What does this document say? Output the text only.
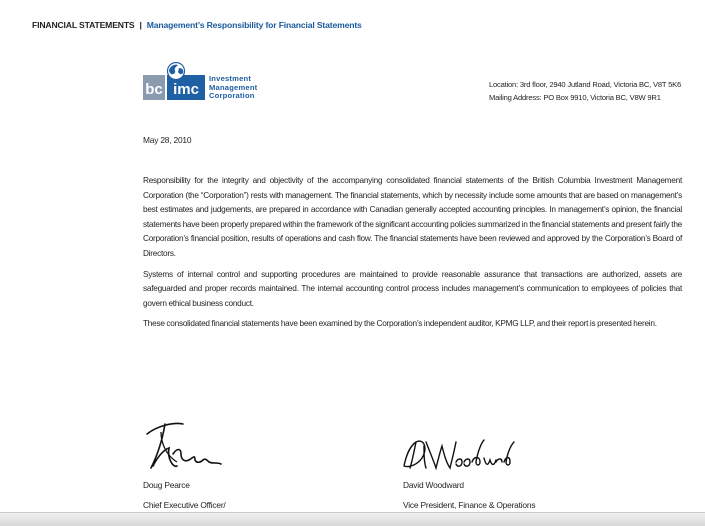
FINANCIAL STATEMENTS | Management’s Responsibility for Financial Statements
bc imc
Investment
Management
Corporation
Location: 3rd floor, 2940 Jutland Road, Victoria BC, V8T 5K6
Mailing Address: PO Box 9910, Victoria BC, V8W 9R1
May 28, 2010

Responsibility for the integrity and objectivity of the accompanying consolidated financial statements of the British Columbia Investment Management Corporation (the “Corporation”) rests with management. The financial statements, which by necessity include some amounts that are based on management’s best estimates and judgements, are prepared in accordance with Canadian generally accepted accounting principles. In management’s opinion, the financial statements have been properly prepared within the framework of the significant accounting policies summarized in the financial statements and present fairly the Corporation’s financial position, results of operations and cash flow. The financial statements have been reviewed and approved by the Corporation’s Board of Directors.

Systems of internal control and supporting procedures are maintained to provide reasonable assurance that transactions are authorized, assets are safeguarded and proper records maintained. The internal accounting control process includes management’s communication to employees of policies that govern ethical business conduct.

These consolidated financial statements have been examined by the Corporation’s independent auditor, KPMG LLP, and their report is presented herein.

Doug Pearce
Chief Executive Officer/
David Woodward
Vice President, Finance & Operations
